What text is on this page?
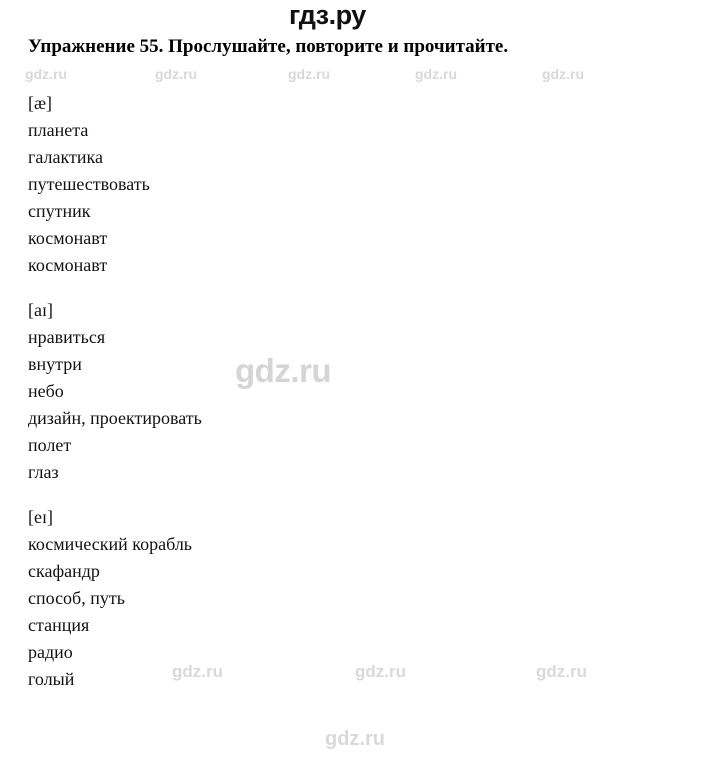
гдз.ру
Упражнение 55. Прослушайте, повторите и прочитайте.
gdz.ru	gdz.ru	gdz.ru	gdz.ru	gdz.ru
gdz.ru
gdz.ru	gdz.ru	gdz.ru
gdz.ru
[æ]
планета
галактика
путешествовать
спутник
космонавт
космонавт
[aɪ]
нравиться
внутри
небо
дизайн, проектировать
полет
глаз
[eɪ]
космический корабль
скафандр
способ, путь
станция
радио
голый
